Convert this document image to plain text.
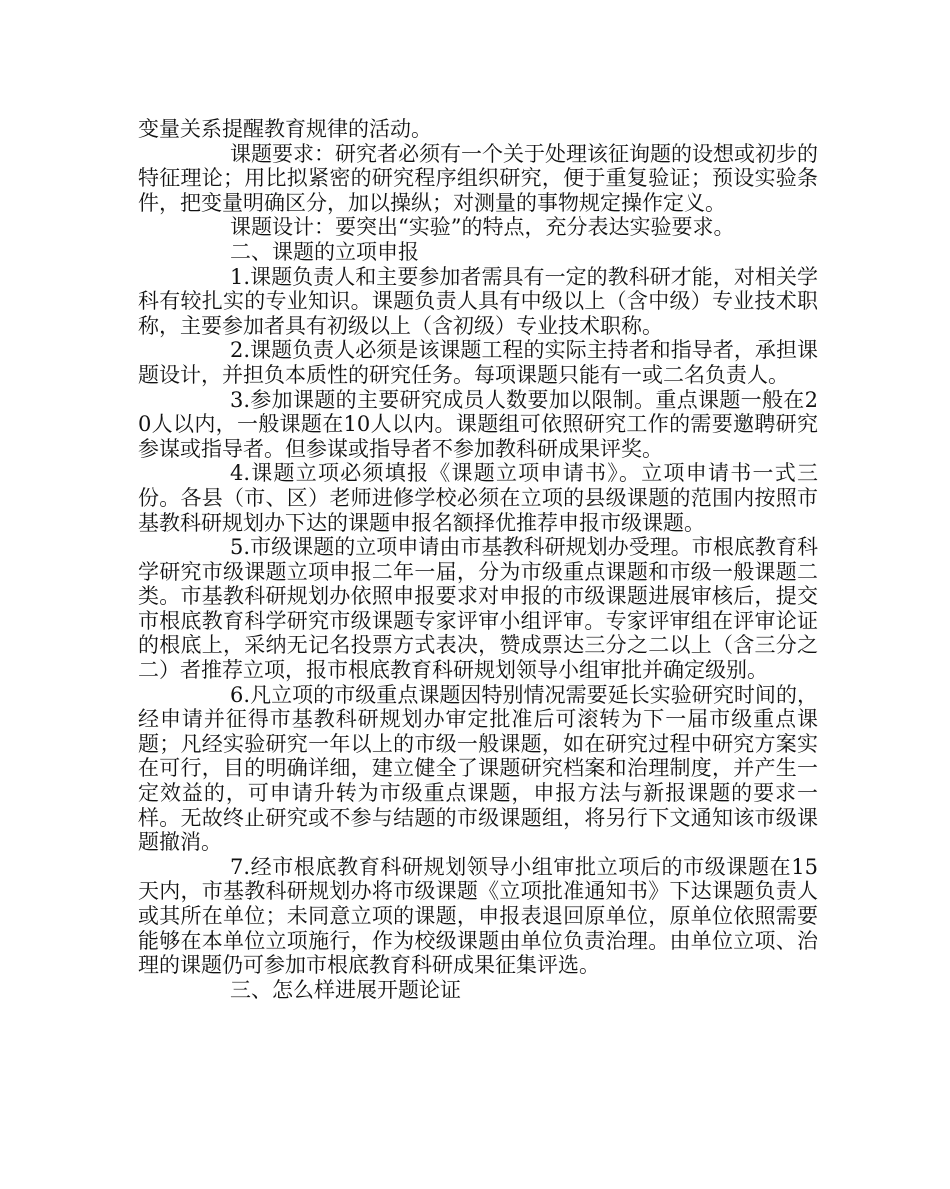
变量关系提醒教育规律的活动。

课题要求：研究者必须有一个关于处理该征询题的设想或初步的特征理论；用比拟紧密的研究程序组织研究，便于重复验证；预设实验条件，把变量明确区分，加以操纵；对测量的事物规定操作定义。

课题设计：要突出“实验”的特点，充分表达实验要求。

二、课题的立项申报

1.课题负责人和主要参加者需具有一定的教科研才能，对相关学科有较扎实的专业知识。课题负责人具有中级以上（含中级）专业技术职称，主要参加者具有初级以上（含初级）专业技术职称。

2.课题负责人必须是该课题工程的实际主持者和指导者，承担课题设计，并担负本质性的研究任务。每项课题只能有一或二名负责人。

3.参加课题的主要研究成员人数要加以限制。重点课题一般在20人以内，一般课题在10人以内。课题组可依照研究工作的需要邀聘研究参谋或指导者。但参谋或指导者不参加教科研成果评奖。

4.课题立项必须填报《课题立项申请书》。立项申请书一式三份。各县（市、区）老师进修学校必须在立项的县级课题的范围内按照市基教科研规划办下达的课题申报名额择优推荐申报市级课题。

5.市级课题的立项申请由市基教科研规划办受理。市根底教育科学研究市级课题立项申报二年一届，分为市级重点课题和市级一般课题二类。市基教科研规划办依照申报要求对申报的市级课题进展审核后，提交市根底教育科学研究市级课题专家评审小组评审。专家评审组在评审论证的根底上，采纳无记名投票方式表决，赞成票达三分之二以上（含三分之二）者推荐立项，报市根底教育科研规划领导小组审批并确定级别。

6.凡立项的市级重点课题因特别情况需要延长实验研究时间的，经申请并征得市基教科研规划办审定批准后可滚转为下一届市级重点课题；凡经实验研究一年以上的市级一般课题，如在研究过程中研究方案实在可行，目的明确详细，建立健全了课题研究档案和治理制度，并产生一定效益的，可申请升转为市级重点课题，申报方法与新报课题的要求一样。无故终止研究或不参与结题的市级课题组，将另行下文通知该市级课题撤消。

7.经市根底教育科研规划领导小组审批立项后的市级课题在15天内，市基教科研规划办将市级课题《立项批准通知书》下达课题负责人或其所在单位；未同意立项的课题，申报表退回原单位，原单位依照需要能够在本单位立项施行，作为校级课题由单位负责治理。由单位立项、治理的课题仍可参加市根底教育科研成果征集评选。

三、怎么样进展开题论证
